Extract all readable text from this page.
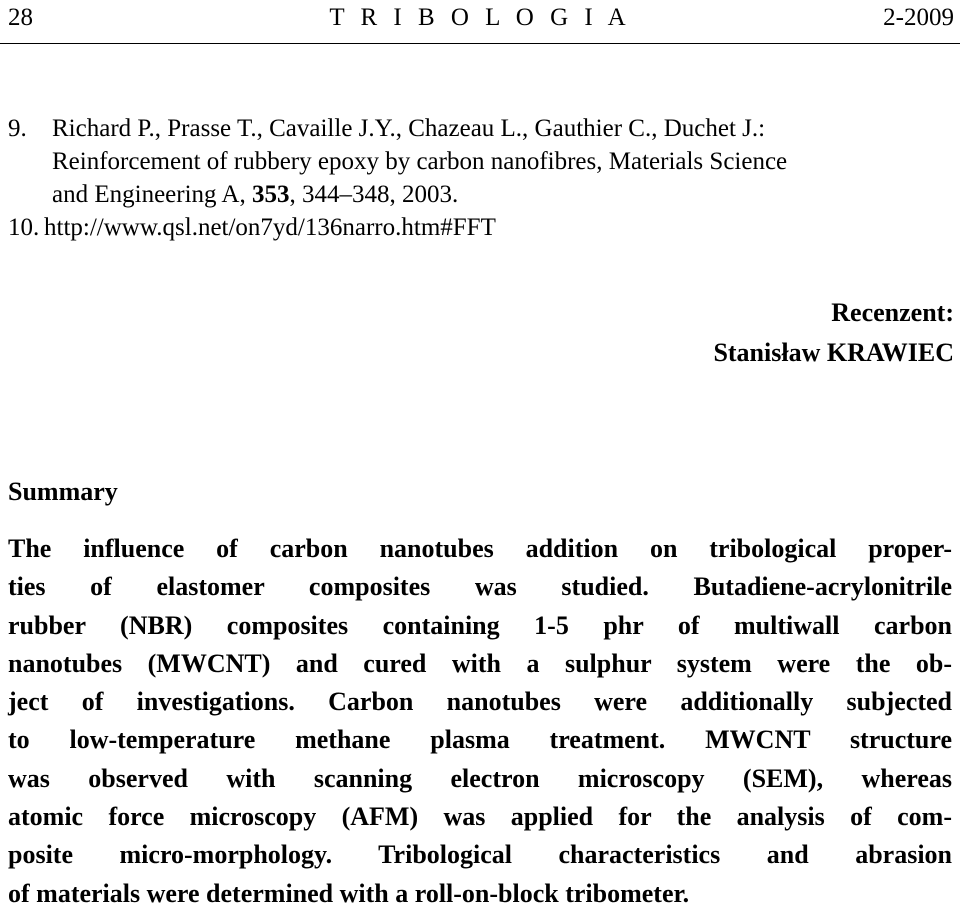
T R I B O L O G I A
28	2-2009
9. Richard P., Prasse T., Cavaille J.Y., Chazeau L., Gauthier C., Duchet J.:
Reinforcement of rubbery epoxy by carbon nanofibres, Materials Science
and Engineering A, 353, 344–348, 2003.
10. http://www.qsl.net/on7yd/136narro.htm#FFT
Recenzent:
Stanisław KRAWIEC
Summary
The influence of carbon nanotubes addition on tribological proper-
ties of elastomer composites was studied. Butadiene-acrylonitrile
rubber (NBR) composites containing 1-5 phr of multiwall carbon
nanotubes (MWCNT) and cured with a sulphur system were the ob-
ject of investigations. Carbon nanotubes were additionally subjected
to low-temperature methane plasma treatment. MWCNT structure
was observed with scanning electron microscopy (SEM), whereas
atomic force microscopy (AFM) was applied for the analysis of com-
posite micro-morphology. Tribological characteristics and abrasion
of materials were determined with a roll-on-block tribometer.
